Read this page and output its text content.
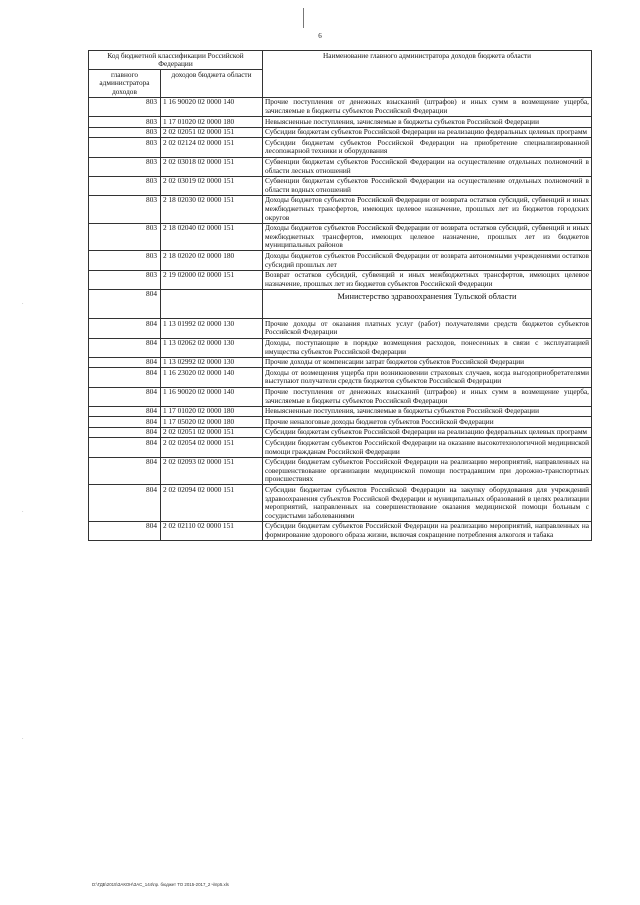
6
.
.
.
Код бюджетной классификации Российской Федерации		Наименование главного администратора доходов бюджета области
главного администратора доходов	доходов бюджета области	
803	1 16 90020 02 0000 140	Прочие поступления от денежных взысканий (штрафов) и иных сумм в возмещение ущерба, зачисляемые в бюджеты субъектов Российской Федерации
803	1 17 01020 02 0000 180	Невыясненные поступления, зачисляемые в бюджеты субъектов Российской Федерации
803	2 02 02051 02 0000 151	Субсидии бюджетам субъектов Российской Федерации на реализацию федеральных целевых программ
803	2 02 02124 02 0000 151	Субсидии бюджетам субъектов Российской Федерации на приобретение специализированной лесопожарной техники и оборудования
803	2 02 03018 02 0000 151	Субвенции бюджетам субъектов Российской Федерации на осуществление отдельных полномочий в области лесных отношений
803	2 02 03019 02 0000 151	Субвенции бюджетам субъектов Российской Федерации на осуществление отдельных полномочий в области водных отношений
803	2 18 02030 02 0000 151	Доходы бюджетов субъектов Российской Федерации от возврата остатков субсидий, субвенций и иных межбюджетных трансфертов, имеющих целевое назначение, прошлых лет из бюджетов городских округов
803	2 18 02040 02 0000 151	Доходы бюджетов субъектов Российской Федерации от возврата остатков субсидий, субвенций и иных межбюджетных трансфертов, имеющих целевое назначение, прошлых лет из бюджетов муниципальных районов
803	2 18 02020 02 0000 180	Доходы бюджетов субъектов Российской Федерации от возврата автономными учреждениями остатков субсидий прошлых лет
803	2 19 02000 02 0000 151	Возврат остатков субсидий, субвенций и иных межбюджетных трансфертов, имеющих целевое назначение, прошлых лет из бюджетов субъектов Российской Федерации
804		Министерство здравоохранения Тульской области
804	1 13 01992 02 0000 130	Прочие доходы от оказания платных услуг (работ) получателями средств бюджетов субъектов Российской Федерации
804	1 13 02062 02 0000 130	Доходы, поступающие в порядке возмещения расходов, понесенных в связи с эксплуатацией имущества субъектов Российской Федерации
804	1 13 02992 02 0000 130	Прочие доходы от компенсации затрат бюджетов субъектов Российской Федерации
804	1 16 23020 02 0000 140	Доходы от возмещения ущерба при возникновении страховых случаев, когда выгодоприобретателями выступают получатели средств бюджетов субъектов Российской Федерации
804	1 16 90020 02 0000 140	Прочие поступления от денежных взысканий (штрафов) и иных сумм в возмещение ущерба, зачисляемые в бюджеты субъектов Российской Федерации
804	1 17 01020 02 0000 180	Невыясненные поступления, зачисляемые в бюджеты субъектов Российской Федерации
804	1 17 05020 02 0000 180	Прочие неналоговые доходы бюджетов субъектов Российской Федерации
804	2 02 02051 02 0000 151	Субсидии бюджетам субъектов Российской Федерации на реализацию федеральных целевых программ
804	2 02 02054 02 0000 151	Субсидии бюджетам субъектов Российской Федерации на оказание высокотехнологичной медицинской помощи гражданам Российской Федерации
804	2 02 02093 02 0000 151	Субсидии бюджетам субъектов Российской Федерации на реализацию мероприятий, направленных на совершенствование организации медицинской помощи пострадавшим при дорожно-транспортных происшествиях
804	2 02 02094 02 0000 151	Субсидии бюджетам субъектов Российской Федерации на закупку оборудования для учреждений здравоохранения субъектов Российской Федерации и муниципальных образований в целях реализации мероприятий, направленных на совершенствование оказания медицинской помощи больным с сосудистыми заболеваниями
804	2 02 02110 02 0000 151	Субсидии бюджетам субъектов Российской Федерации на реализацию мероприятий, направленных на формирование здорового образа жизни, включая сокращение потребления алкоголя и табака
D:\ГДБ\2015\ЗАКОН\ЗАС_144\пр. бюджет ТО 2015-2017_2 ч\пр5.xls
